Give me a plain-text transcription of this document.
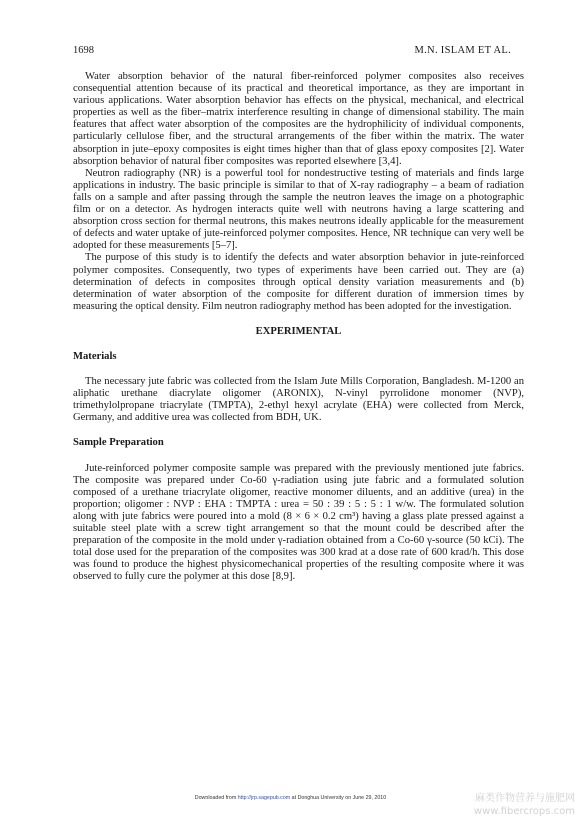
1698	M.N. ISLAM ET AL.

Water absorption behavior of the natural fiber-reinforced polymer composites also receives consequential attention because of its practical and theoretical importance, as they are important in various applications. Water absorption behavior has effects on the physical, mechanical, and electrical properties as well as the fiber–matrix interference resulting in change of dimensional stability. The main features that affect water absorption of the composites are the hydrophilicity of individual components, particularly cellulose fiber, and the structural arrangements of the fiber within the matrix. The water absorption in jute–epoxy composites is eight times higher than that of glass epoxy composites [2]. Water absorption behavior of natural fiber composites was reported elsewhere [3,4].

Neutron radiography (NR) is a powerful tool for nondestructive testing of materials and finds large applications in industry. The basic principle is similar to that of X-ray radiography – a beam of radiation falls on a sample and after passing through the sample the neutron leaves the image on a photographic film or on a detector. As hydrogen interacts quite well with neutrons having a large scattering and absorption cross section for thermal neutrons, this makes neutrons ideally applicable for the measurement of defects and water uptake of jute-reinforced polymer composites. Hence, NR technique can very well be adopted for these measurements [5–7].

The purpose of this study is to identify the defects and water absorption behavior in jute-reinforced polymer composites. Consequently, two types of experiments have been carried out. They are (a) determination of defects in composites through optical density variation measurements and (b) determination of water absorption of the composite for different duration of immersion times by measuring the optical density. Film neutron radiography method has been adopted for the investigation.

EXPERIMENTAL
Materials

The necessary jute fabric was collected from the Islam Jute Mills Corporation, Bangladesh. M-1200 an aliphatic urethane diacrylate oligomer (ARONIX), N-vinyl pyrrolidone monomer (NVP), trimethylolpropane triacrylate (TMPTA), 2-ethyl hexyl acrylate (EHA) were collected from Merck, Germany, and additive urea was collected from BDH, UK.

Sample Preparation

Jute-reinforced polymer composite sample was prepared with the previously mentioned jute fabrics. The composite was prepared under Co-60 γ-radiation using jute fabric and a formulated solution composed of a urethane triacrylate oligomer, reactive monomer diluents, and an additive (urea) in the proportion; oligomer : NVP : EHA : TMPTA : urea = 50 : 39 : 5 : 5 : 1 w/w. The formulated solution along with jute fabrics were poured into a mold (8 × 6 × 0.2 cm³) having a glass plate pressed against a suitable steel plate with a screw tight arrangement so that the mount could be described after the preparation of the composite in the mold under γ-radiation obtained from a Co-60 γ-source (50 kCi). The total dose used for the preparation of the composites was 300 krad at a dose rate of 600 krad/h. This dose was found to produce the highest physicomechanical properties of the resulting composite where it was observed to fully cure the polymer at this dose [8,9].

Downloaded from http://jrp.sagepub.com at Donghua University on June 29, 2010	麻类作物营养与施肥网
www.fibercrops.com
